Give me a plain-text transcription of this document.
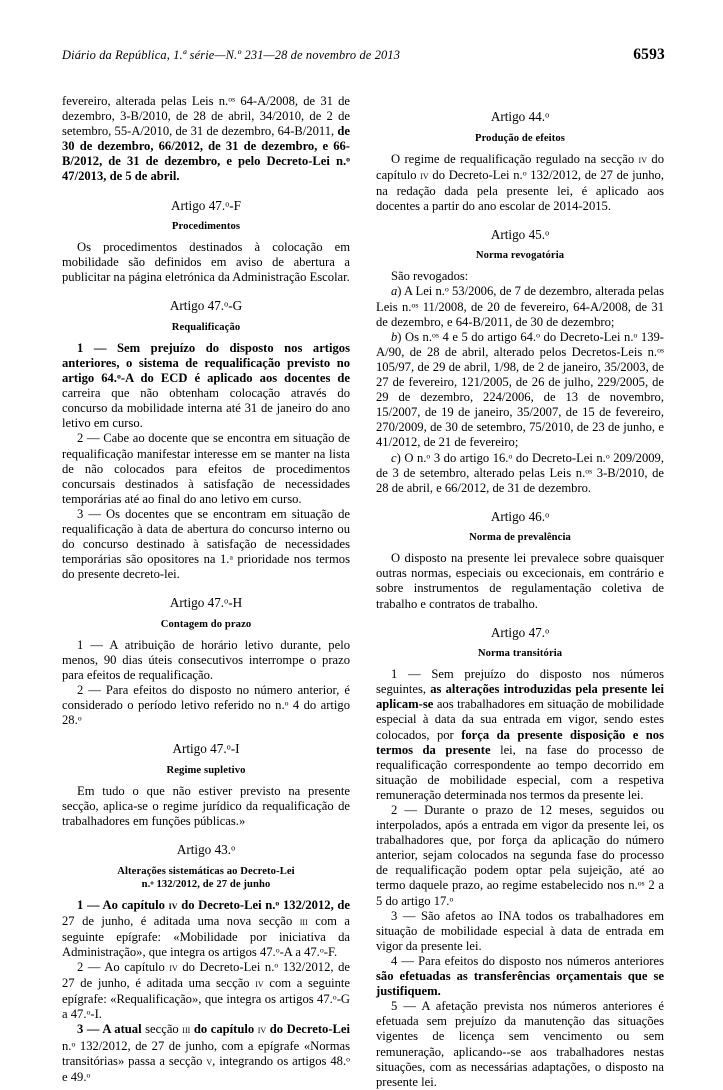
Diário da República, 1.ª série—N.º 231—28 de novembro de 2013	6593

fevereiro, alterada pelas Leis n.$^{os}$ 64-A/2008, de 31 de dezembro, 3-B/2010, de 28 de abril, 34/2010, de 2 de setembro, 55-A/2010, de 31 de dezembro, 64-B/2011, de 30 de dezembro, 66/2012, de 31 de dezembro, e 66-B/2012, de 31 de dezembro, e pelo Decreto-Lei n.$^o$ 47/2013, de 5 de abril.

Artigo 47.$^o$-F

Procedimentos

Os procedimentos destinados à colocação em mobilidade são definidos em aviso de abertura a publicitar na página eletrónica da Administração Escolar.

Artigo 47.$^o$-G

Requalificação

1 — Sem prejuízo do disposto nos artigos anteriores, o sistema de requalificação previsto no artigo 64.$^o$-A do ECD é aplicado aos docentes de carreira que não obtenham colocação através do concurso da mobilidade interna até 31 de janeiro do ano letivo em curso.

2 — Cabe ao docente que se encontra em situação de requalificação manifestar interesse em se manter na lista de não colocados para efeitos de procedimentos concursais destinados à satisfação de necessidades temporárias até ao final do ano letivo em curso.

3 — Os docentes que se encontram em situação de requalificação à data de abertura do concurso interno ou do concurso destinado à satisfação de necessidades temporárias são opositores na 1.$^a$ prioridade nos termos do presente decreto-lei.

Artigo 47.$^o$-H

Contagem do prazo

1 — A atribuição de horário letivo durante, pelo menos, 90 dias úteis consecutivos interrompe o prazo para efeitos de requalificação.

2 — Para efeitos do disposto no número anterior, é considerado o período letivo referido no n.$^o$ 4 do artigo 28.$^o$

Artigo 47.$^o$-I

Regime supletivo

Em tudo o que não estiver previsto na presente secção, aplica-se o regime jurídico da requalificação de trabalhadores em funções públicas.»

Artigo 43.$^o$

Alterações sistemáticas ao Decreto-Lei
n.$^o$ 132/2012, de 27 de junho

1 — Ao capítulo iv do Decreto-Lei n.$^o$ 132/2012, de 27 de junho, é aditada uma nova secção iii com a seguinte epígrafe: «Mobilidade por iniciativa da Administração», que integra os artigos 47.$^o$-A a 47.$^o$-F.

2 — Ao capítulo iv do Decreto-Lei n.$^o$ 132/2012, de 27 de junho, é aditada uma secção iv com a seguinte epígrafe: «Requalificação», que integra os artigos 47.$^o$-G a 47.$^o$-I.

3 — A atual secção iii do capítulo iv do Decreto-Lei n.$^o$ 132/2012, de 27 de junho, com a epígrafe «Normas transitórias» passa a secção v, integrando os artigos 48.$^o$ e 49.$^o$

Artigo 44.$^o$

Produção de efeitos

O regime de requalificação regulado na secção iv do capítulo iv do Decreto-Lei n.$^o$ 132/2012, de 27 de junho, na redação dada pela presente lei, é aplicado aos docentes a partir do ano escolar de 2014-2015.

Artigo 45.$^o$

Norma revogatória

São revogados:

a) A Lei n.$^o$ 53/2006, de 7 de dezembro, alterada pelas Leis n.$^{os}$ 11/2008, de 20 de fevereiro, 64-A/2008, de 31 de dezembro, e 64-B/2011, de 30 de dezembro;

b) Os n.$^{os}$ 4 e 5 do artigo 64.$^o$ do Decreto-Lei n.$^o$ 139-A/90, de 28 de abril, alterado pelos Decretos-Leis n.$^{os}$ 105/97, de 29 de abril, 1/98, de 2 de janeiro, 35/2003, de 27 de fevereiro, 121/2005, de 26 de julho, 229/2005, de 29 de dezembro, 224/2006, de 13 de novembro, 15/2007, de 19 de janeiro, 35/2007, de 15 de fevereiro, 270/2009, de 30 de setembro, 75/2010, de 23 de junho, e 41/2012, de 21 de fevereiro;

c) O n.$^o$ 3 do artigo 16.$^o$ do Decreto-Lei n.$^o$ 209/2009, de 3 de setembro, alterado pelas Leis n.$^{os}$ 3-B/2010, de 28 de abril, e 66/2012, de 31 de dezembro.

Artigo 46.$^o$

Norma de prevalência

O disposto na presente lei prevalece sobre quaisquer outras normas, especiais ou excecionais, em contrário e sobre instrumentos de regulamentação coletiva de trabalho e contratos de trabalho.

Artigo 47.$^o$

Norma transitória

1 — Sem prejuízo do disposto nos números seguintes, as alterações introduzidas pela presente lei aplicam-se aos trabalhadores em situação de mobilidade especial à data da sua entrada em vigor, sendo estes colocados, por força da presente disposição e nos termos da presente lei, na fase do processo de requalificação correspondente ao tempo decorrido em situação de mobilidade especial, com a respetiva remuneração determinada nos termos da presente lei.

2 — Durante o prazo de 12 meses, seguidos ou interpolados, após a entrada em vigor da presente lei, os trabalhadores que, por força da aplicação do número anterior, sejam colocados na segunda fase do processo de requalificação podem optar pela sujeição, até ao termo daquele prazo, ao regime estabelecido nos n.$^{os}$ 2 a 5 do artigo 17.$^o$

3 — São afetos ao INA todos os trabalhadores em situação de mobilidade especial à data de entrada em vigor da presente lei.

4 — Para efeitos do disposto nos números anteriores são efetuadas as transferências orçamentais que se justifiquem.

5 — A afetação prevista nos números anteriores é efetuada sem prejuízo da manutenção das situações vigentes de licença sem vencimento ou sem remuneração, aplicando--se aos trabalhadores nestas situações, com as necessárias adaptações, o disposto na presente lei.
